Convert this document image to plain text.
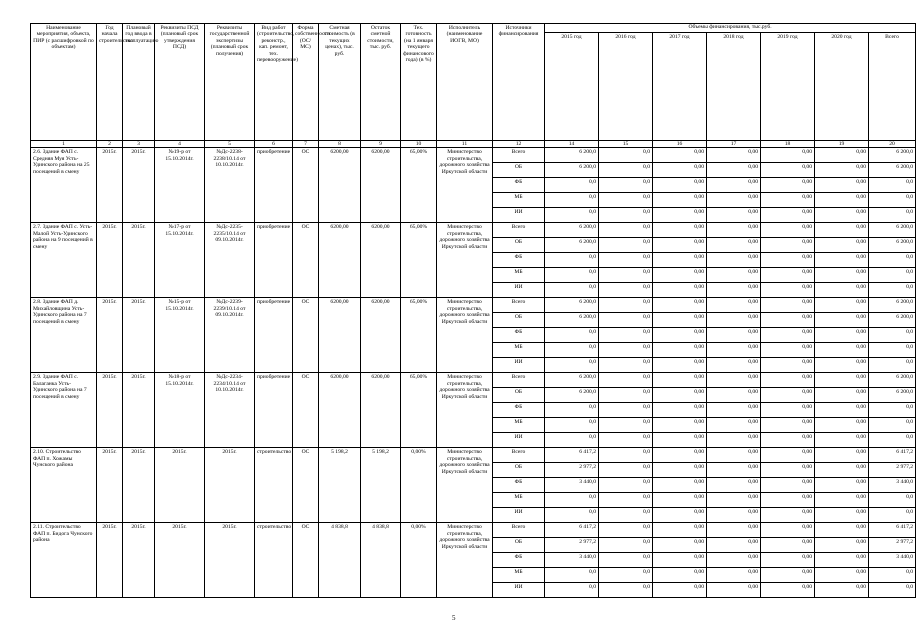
Наименование мероприятия, объекта, ПИР (с расшифровкой по объектам)	Год начала строительства	Плановый год ввода в эксплуатацию	Реквизиты ПСД (плановый срок утверждения ПСД)	Реквизиты государственной экспертизы (плановый срок получения)	Вид работ (строительство, реконстр., кап. ремонт, тех. перевооружение)	Форма собственности (ОС/МС)	Сметная стоимость (в текущих ценах), тыс. руб.	Остаток сметной стоимости, тыс. руб.	Тех. готовность (на 1 января текущего финансового года) (в %)	Исполнитель (наименование ИОГВ, МО)	Источники финансирования	Объемы финансирования, тыс.руб.						
												2015 год	2016 год	2017 год	2018 год	2019 год	2020 год	Всего
1	2	3	4	5	6	7	8	9	10	11	12	14	15	16	17	18	19	20
2.6. Здание ФАП с. Средняя Муя Усть-Удинского района на 25 посещений в смену	2015г.	2015г.	№19-р от 15.10.2014г.	№Дс-2238-2238/10.14 от 10.10.2014г.	приобретение	ОС	6200,00	6200,00	65,00%	Министерство строительства, дорожного хозяйства Иркутской области	Всего	6 200,0	0,0	0,00	0,00	0,00	0,00	6 200,0
											ОБ	6 200,0	0,0	0,00	0,00	0,00	0,00	6 200,0
											ФБ	0,0	0,0	0,00	0,00	0,00	0,00	0,0
											МБ	0,0	0,0	0,00	0,00	0,00	0,00	0,0
											ИИ	0,0	0,0	0,00	0,00	0,00	0,00	0,0
2.7. Здание ФАП с. Усть-Малой Усть-Удинского района на 9 посещений в смену	2015г.	2015г.	№17-р от 15.10.2014г.	№Дс-2235-2235/10.14 от 09.10.2014г.	приобретение	ОС	6200,00	6200,00	65,00%	Министерство строительства, дорожного хозяйства Иркутской области	Всего	6 200,0	0,0	0,00	0,00	0,00	0,00	6 200,0
											ОБ	6 200,0	0,0	0,00	0,00	0,00	0,00	6 200,0
											ФБ	0,0	0,0	0,00	0,00	0,00	0,00	0,0
											МБ	0,0	0,0	0,00	0,00	0,00	0,00	0,0
											ИИ	0,0	0,0	0,00	0,00	0,00	0,00	0,0
2.8. Здание ФАП д. Михайловщина Усть-Удинского района на 7 посещений в смену	2015г.	2015г.	№15-р от 15.10.2014г.	№Дс-2239-2239/10.14 от 09.10.2014г.	приобретение	ОС	6200,00	6200,00	65,00%	Министерство строительства, дорожного хозяйства Иркутской области	Всего	6 200,0	0,0	0,00	0,00	0,00	0,00	6 200,0
											ОБ	6 200,0	0,0	0,00	0,00	0,00	0,00	6 200,0
											ФБ	0,0	0,0	0,00	0,00	0,00	0,00	0,0
											МБ	0,0	0,0	0,00	0,00	0,00	0,00	0,0
											ИИ	0,0	0,0	0,00	0,00	0,00	0,00	0,0
2.9. Здание ФАП с. Балаганка Усть-Удинского района на 7 посещений в смену	2015г.	2015г.	№18-р от 15.10.2014г.	№Дс-2234-2234/10.14 от 10.10.2014г.	приобретение	ОС	6200,00	6200,00	65,00%	Министерство строительства, дорожного хозяйства Иркутской области	Всего	6 200,0	0,0	0,00	0,00	0,00	0,00	6 200,0
											ОБ	6 200,0	0,0	0,00	0,00	0,00	0,00	6 200,0
											ФБ	0,0	0,0	0,00	0,00	0,00	0,00	0,0
											МБ	0,0	0,0	0,00	0,00	0,00	0,00	0,0
											ИИ	0,0	0,0	0,00	0,00	0,00	0,00	0,0
2.10. Строительство ФАП п. Хожамы Чунского района	2015г.	2015г.	2015г.	2015г.	строительство	ОС	5 198,2	5 198,2	0,00%	Министерство строительства, дорожного хозяйства Иркутской области	Всего	6 417,2	0,0	0,00	0,00	0,00	0,00	6 417,2
											ОБ	2 977,2	0,0	0,00	0,00	0,00	0,00	2 977,2
											ФБ	3 440,0	0,0	0,00	0,00	0,00	0,00	3 440,0
											МБ	0,0	0,0	0,00	0,00	0,00	0,00	0,0
											ИИ	0,0	0,0	0,00	0,00	0,00	0,00	0,0
2.11. Строительство ФАП п. Бидога Чунского района	2015г.	2015г.	2015г.	2015г.	строительство	ОС	4 838,8	4 838,8	0,00%	Министерство строительства, дорожного хозяйства Иркутской области	Всего	6 417,2	0,0	0,00	0,00	0,00	0,00	6 417,2
											ОБ	2 977,2	0,0	0,00	0,00	0,00	0,00	2 977,2
											ФБ	3 440,0	0,0	0,00	0,00	0,00	0,00	3 440,0
											МБ	0,0	0,0	0,00	0,00	0,00	0,00	0,0
											ИИ	0,0	0,0	0,00	0,00	0,00	0,00	0,0
5
